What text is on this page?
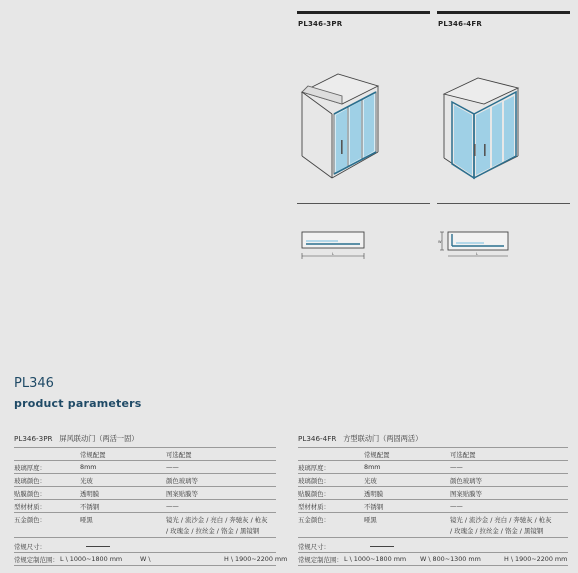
PL346-3PR	PL346-4FR
L	L
W
PL346
product parameters
PL346-3PR 屏风联动门（两活一固）
常规配置	可选配置
玻璃厚度：	8mm	——
玻璃颜色：	光玻	颜色玻璃等
贴膜颜色：	透明膜	图案贴膜等
型材材质：	不锈钢	——
五金颜色：	哑黑	镜光 / 流沙金 / 亮白 / 奔驰灰 / 枪灰
/ 玫瑰金 / 拉丝金 / 铬金 / 黑镜钢
常规尺寸：
常规定制范围： L \ 1000~1800 mm	W \	H \ 1900~2200 mm
PL346-4FR 方型联动门（两固两活）
常规配置	可选配置
玻璃厚度：	8mm	——
玻璃颜色：	光玻	颜色玻璃等
贴膜颜色：	透明膜	图案贴膜等
型材材质：	不锈钢	——
五金颜色：	哑黑	镜光 / 流沙金 / 亮白 / 奔驰灰 / 枪灰
/ 玫瑰金 / 拉丝金 / 铬金 / 黑镜钢
常规尺寸：
常规定制范围： L \ 1000~1800 mm W \ 800~1300 mm	H \ 1900~2200 mm
